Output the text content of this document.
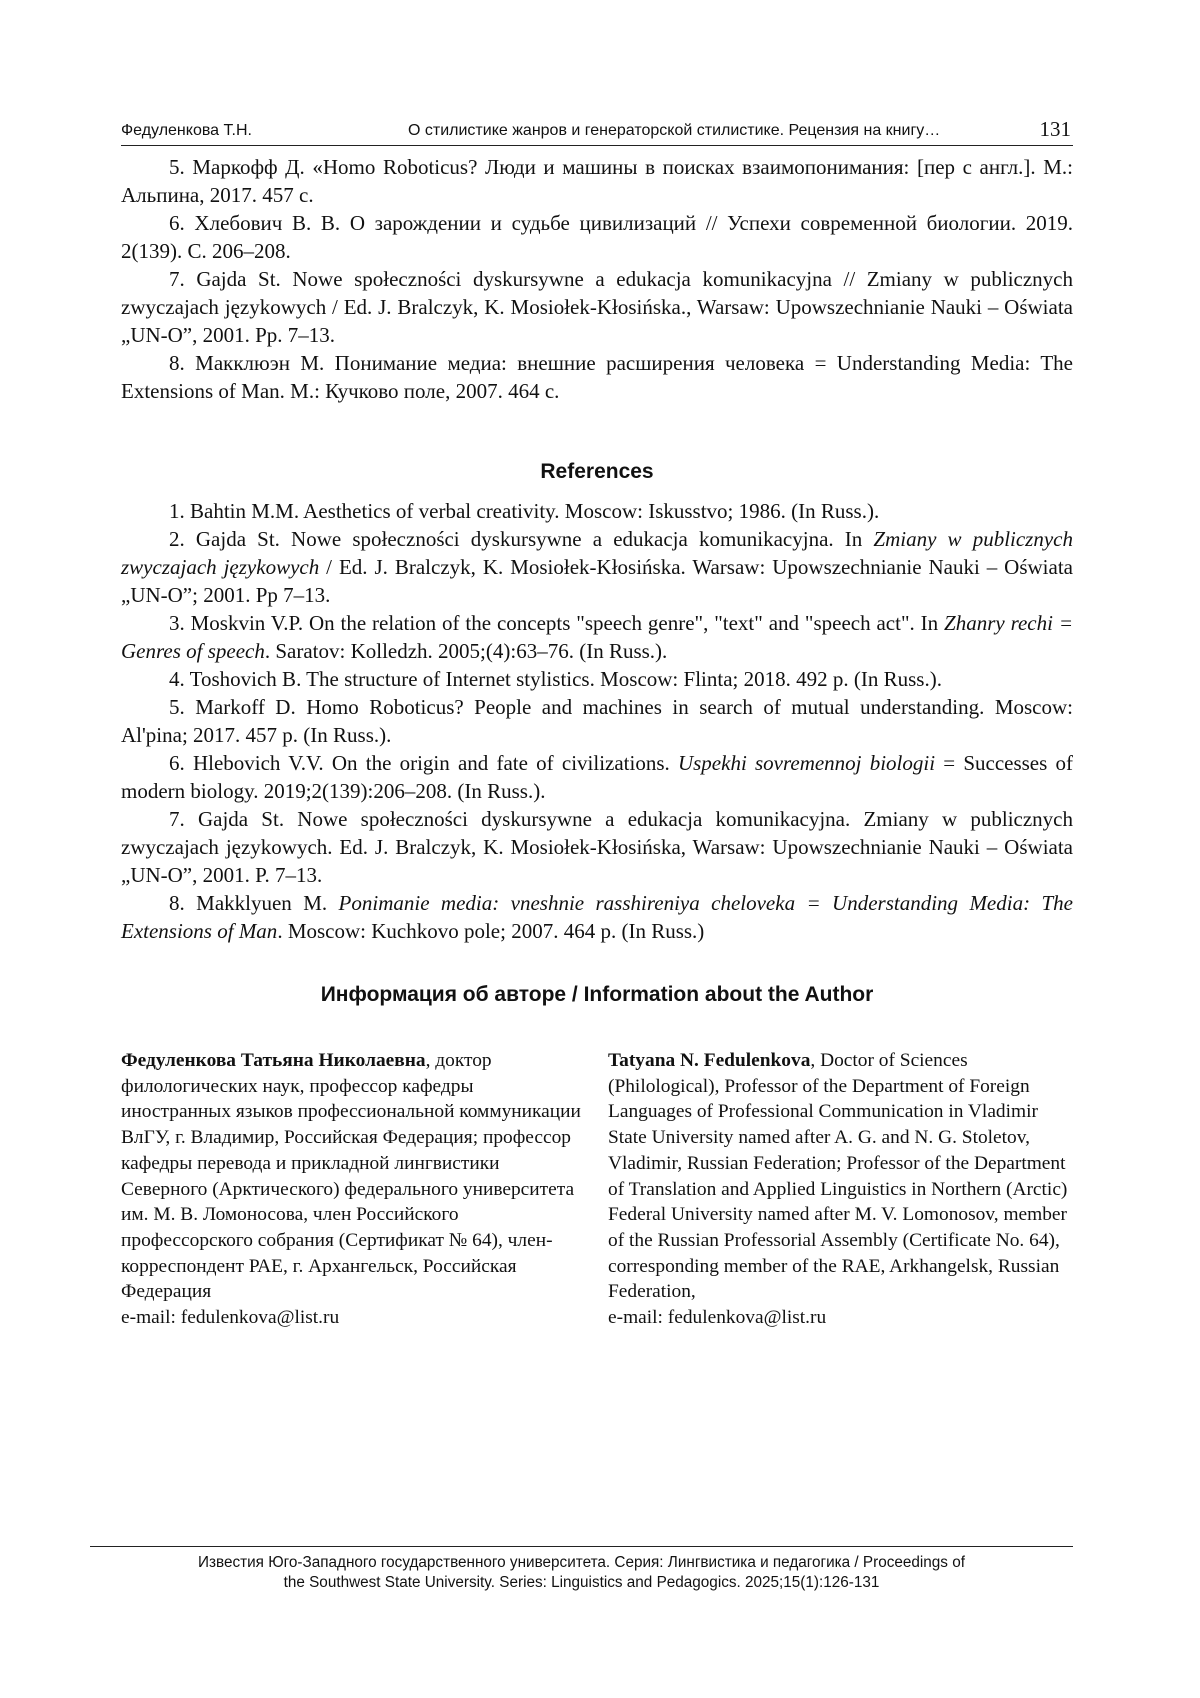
Федуленкова Т.Н.	О стилистике жанров и генераторской стилистике. Рецензия на книгу…	131

5. Маркофф Д. «Homo Roboticus? Люди и машины в поисках взаимопонимания: [пер с англ.]. М.: Альпина, 2017. 457 с.

6. Хлебович В. В. О зарождении и судьбе цивилизаций // Успехи современной биологии. 2019. 2(139). С. 206–208.

7. Gajda St. Nowe społeczności dyskursywne a edukacja komunikacyjna // Zmiany w publicznych zwyczajach językowych / Ed. J. Bralczyk, K. Mosiołek-Kłosińska., Warsaw: Upowszechnianie Nauki – Oświata „UN-O”, 2001. Pp. 7–13.

8. Макклюэн М. Понимание медиа: внешние расширения человека = Understanding Media: The Extensions of Man. М.: Кучково поле, 2007. 464 с.

References

1. Bahtin M.M. Aesthetics of verbal creativity. Moscow: Iskusstvo; 1986. (In Russ.).

2. Gajda St. Nowe społeczności dyskursywne a edukacja komunikacyjna. In Zmiany w publicznych zwyczajach językowych / Ed. J. Bralczyk, K. Mosiołek-Kłosińska. Warsaw: Upowszechnianie Nauki – Oświata „UN-O”; 2001. Pp 7–13.

3. Moskvin V.P. On the relation of the concepts "speech genre", "text" and "speech act". In Zhanry rechi = Genres of speech. Saratov: Kolledzh. 2005;(4):63–76. (In Russ.).

4. Toshovich B. The structure of Internet stylistics. Moscow: Flinta; 2018. 492 p. (In Russ.).

5. Markoff D. Homo Roboticus? People and machines in search of mutual understanding. Moscow: Al'pina; 2017. 457 p. (In Russ.).

6. Hlebovich V.V. On the origin and fate of civilizations. Uspekhi sovremennoj biologii = Successes of modern biology. 2019;2(139):206–208. (In Russ.).

7. Gajda St. Nowe społeczności dyskursywne a edukacja komunikacyjna. Zmiany w publicznych zwyczajach językowych. Ed. J. Bralczyk, K. Mosiołek-Kłosińska, Warsaw: Upowszechnianie Nauki – Oświata „UN-O”, 2001. P. 7–13.

8. Makklyuen M. Ponimanie media: vneshnie rasshireniya cheloveka = Understanding Media: The Extensions of Man. Moscow: Kuchkovo pole; 2007. 464 p. (In Russ.)

Информация об авторе / Information about the Author

Федуленкова Татьяна Николаевна, доктор филологических наук, профессор кафедры иностранных языков профессиональной коммуникации ВлГУ, г. Владимир, Российская Федерация; профессор кафедры перевода и прикладной лингвистики Северного (Арктического) федерального университета им. М. В. Ломоносова, член Российского профессорского собрания (Сертификат № 64), член-корреспондент РАЕ, г. Архангельск, Российская Федерация
e-mail: fedulenkova@list.ru

Tatyana N. Fedulenkova, Doctor of Sciences (Philological), Professor of the Department of Foreign Languages of Professional Communication in Vladimir State University named after A. G. and N. G. Stoletov, Vladimir, Russian Federation; Professor of the Department of Translation and Applied Linguistics in Northern (Arctic) Federal University named after M. V. Lomonosov, member of the Russian Professorial Assembly (Certificate No. 64), corresponding member of the RAE, Arkhangelsk, Russian Federation,
e-mail: fedulenkova@list.ru

Известия Юго-Западного государственного университета. Серия: Лингвистика и педагогика / Proceedings of
the Southwest State University. Series: Linguistics and Pedagogics. 2025;15(1):126-131
